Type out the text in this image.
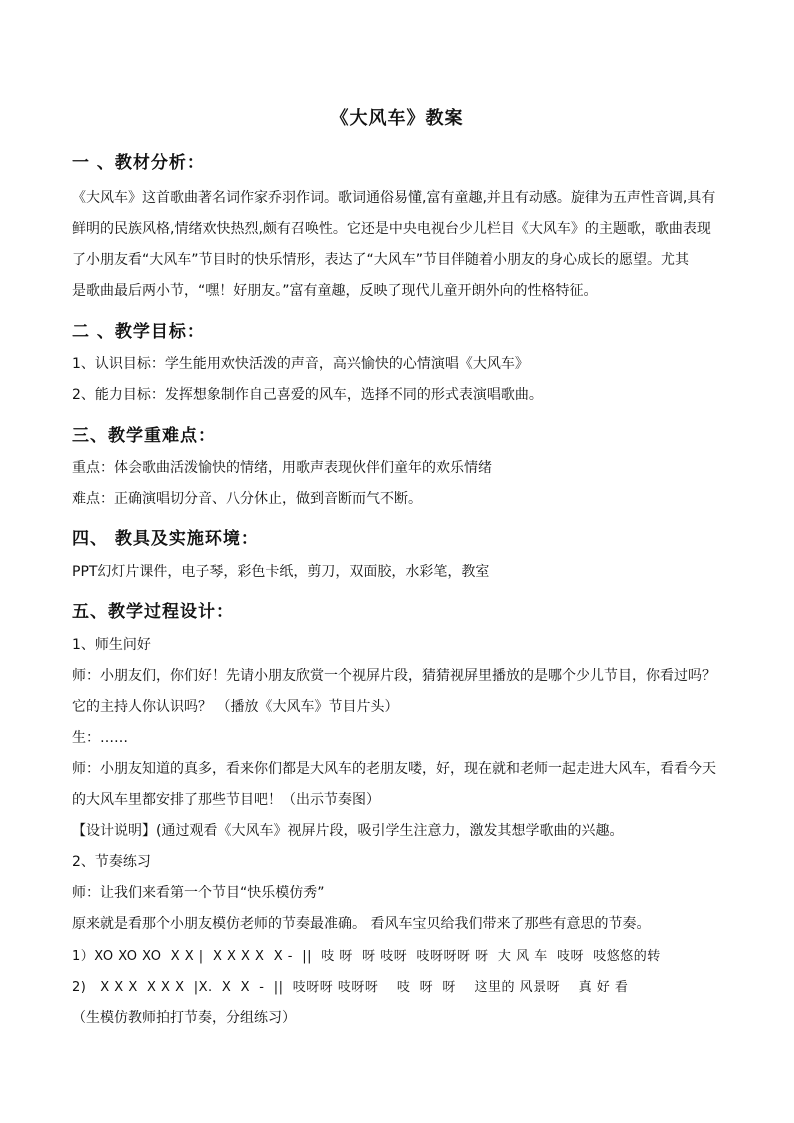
《大风车》教案
一 、教材分析：
《大风车》这首歌曲著名词作家乔羽作词。歌词通俗易懂,富有童趣,并且有动感。旋律为五声性音调,具有
鲜明的民族风格,情绪欢快热烈,颇有召唤性。它还是中央电视台少儿栏目《大风车》的主题歌，歌曲表现
了小朋友看“大风车”节目时的快乐情形，表达了“大风车”节目伴随着小朋友的身心成长的愿望。尤其
是歌曲最后两小节，“嘿！好朋友。”富有童趣，反映了现代儿童开朗外向的性格特征。
二 、教学目标：
1、认识目标：学生能用欢快活泼的声音，高兴愉快的心情演唱《大风车》
2、能力目标：发挥想象制作自己喜爱的风车，选择不同的形式表演唱歌曲。
三、教学重难点：
重点：体会歌曲活泼愉快的情绪，用歌声表现伙伴们童年的欢乐情绪
难点：正确演唱切分音、八分休止，做到音断而气不断。
四、 教具及实施环境：
PPT幻灯片课件，电子琴，彩色卡纸，剪刀，双面胶，水彩笔，教室
五、教学过程设计：
1、师生问好
师：小朋友们，你们好！先请小朋友欣赏一个视屏片段，猜猜视屏里播放的是哪个少儿节目，你看过吗？
它的主持人你认识吗？ （播放《大风车》节目片头）
生：……
师：小朋友知道的真多，看来你们都是大风车的老朋友喽，好，现在就和老师一起走进大风车，看看今天
的大风车里都安排了那些节目吧！（出示节奏图）
【设计说明】(通过观看《大风车》视屏片段，吸引学生注意力，激发其想学歌曲的兴趣。
2、节奏练习
师：让我们来看第一个节目“快乐模仿秀”
原来就是看那个小朋友模仿老师的节奏最准确。 看风车宝贝给我们带来了那些有意思的节奏。
1）XO XO XO  X X |  X X X X  X -  ||  吱 呀  呀 吱呀  吱呀呀呀 呀  大 风 车  吱呀  吱悠悠的转
2)   X X X  X X X  |X.  X  X  -  ||  吱呀呀 吱呀呀    吱  呀  呀    这里的 风景呀    真 好 看
（生模仿教师拍打节奏，分组练习）
